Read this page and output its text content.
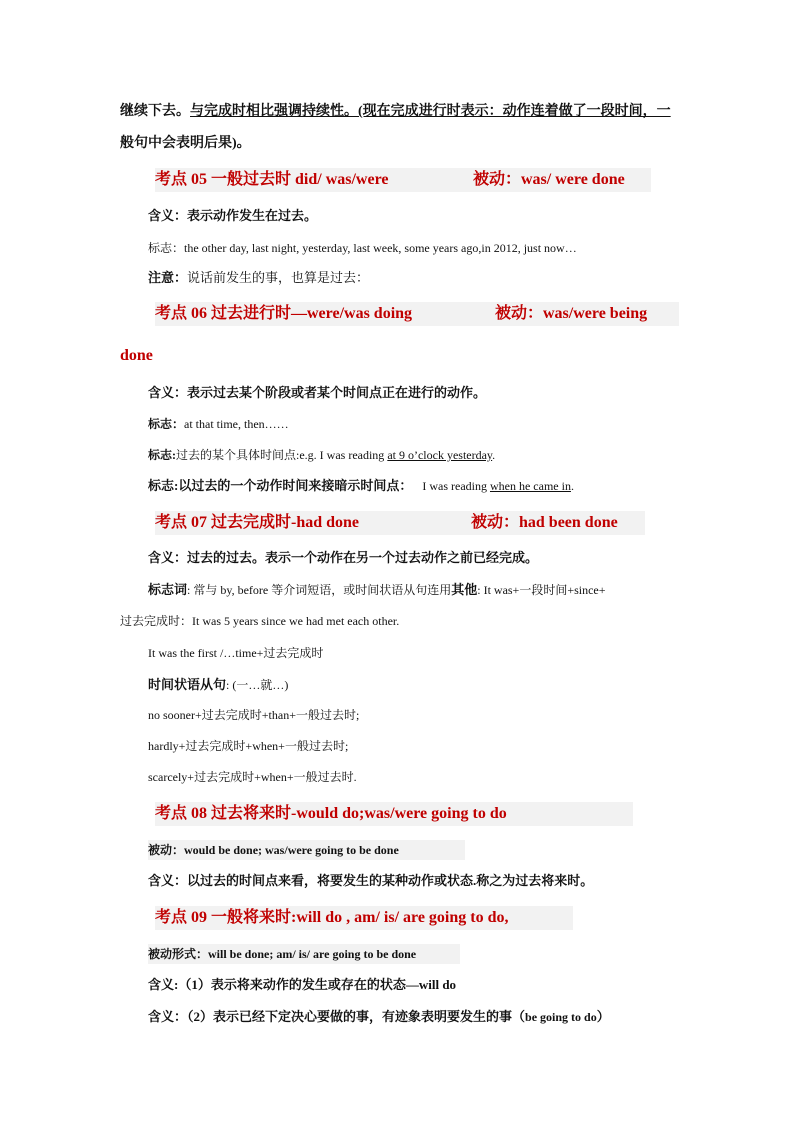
继续下去。与完成时相比强调持续性。(现在完成进行时表示：动作连着做了一段时间，一
般句中会表明后果)。
考点 05 一般过去时 did/ was/were	被动：was/ were done
含义：表示动作发生在过去。
标志：the other day, last night, yesterday, last week, some years ago,in 2012, just now…
注意：说话前发生的事，也算是过去：
考点 06 过去进行时—were/was doing	被动：was/were being
done
含义：表示过去某个阶段或者某个时间点正在进行的动作。
标志：at that time, then……
标志:过去的某个具体时间点:e.g. I was reading at 9 o’clock yesterday.
标志:以过去的一个动作时间来接暗示时间点： I was reading when he came in.
考点 07 过去完成时-had done	被动：had been done
含义：过去的过去。表示一个动作在另一个过去动作之前已经完成。
标志词: 常与 by, before 等介词短语，或时间状语从句连用其他: It was+一段时间+since+
过去完成时：It was 5 years since we had met each other.
It was the first /…time+过去完成时
时间状语从句: (一…就…)
no sooner+过去完成时+than+一般过去时;
hardly+过去完成时+when+一般过去时;
scarcely+过去完成时+when+一般过去时.
考点 08 过去将来时-would do;was/were going to do
被动：would be done; was/were going to be done
含义：以过去的时间点来看，将要发生的某种动作或状态.称之为过去将来时。
考点 09 一般将来时:will do , am/ is/ are going to do,
被动形式：will be done; am/ is/ are going to be done
含义:（1）表示将来动作的发生或存在的状态—will do
含义：（2）表示已经下定决心要做的事，有迹象表明要发生的事（be going to do）
